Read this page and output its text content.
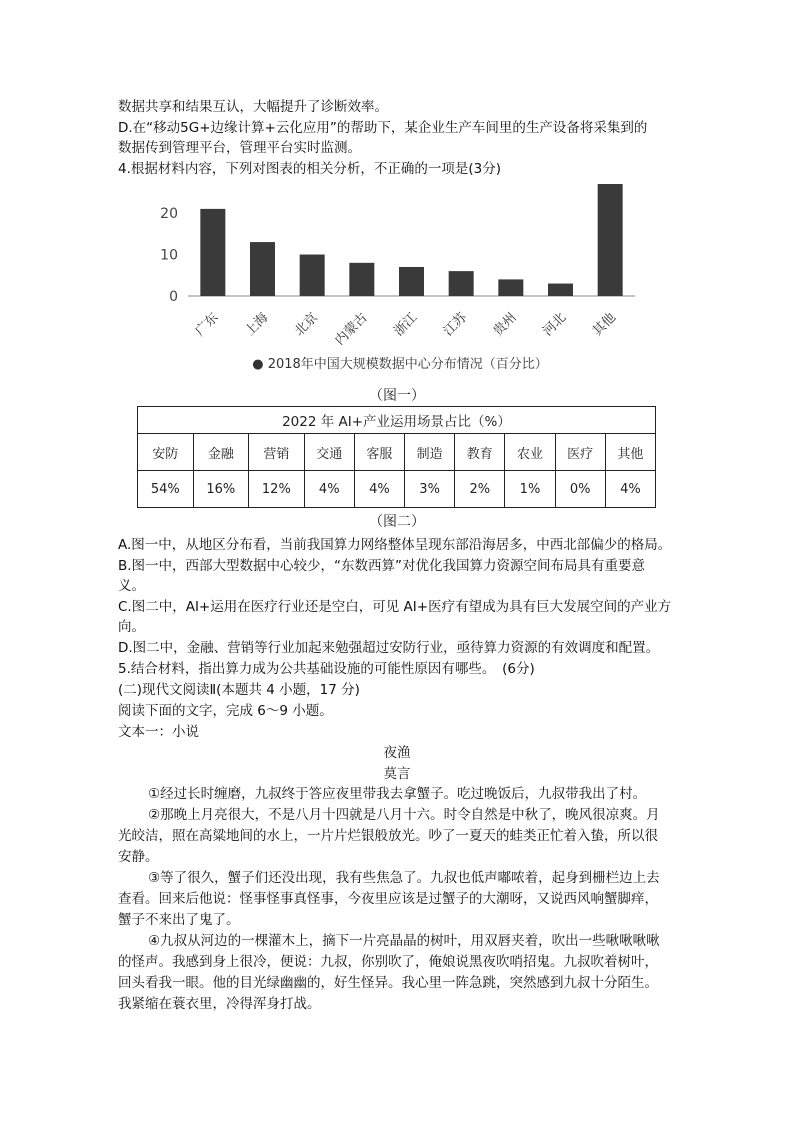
数据共享和结果互认，大幅提升了诊断效率。
D.在“移动5G+边缘计算+云化应用”的帮助下，某企业生产车间里的生产设备将采集到的
数据传到管理平台，管理平台实时监测。
4.根据材料内容，下列对图表的相关分析，不正确的一项是(3分)
0
10
20
广东 上海 北京 内蒙古 浙江 江苏 贵州 河北 其他
● 2018年中国大规模数据中心分布情况（百分比）
（图一）
2022 年 AI+产业运用场景占比（%）									
安防	金融	营销	交通	客服	制造	教育	农业	医疗	其他
54%	16%	12%	4%	4%	3%	2%	1%	0%	4%
（图二）
A.图一中，从地区分布看，当前我国算力网络整体呈现东部沿海居多，中西北部偏少的格局。
B.图一中，西部大型数据中心较少，“东数西算”对优化我国算力资源空间布局具有重要意
义。
C.图二中，AI+运用在医疗行业还是空白，可见 AI+医疗有望成为具有巨大发展空间的产业方
向。
D.图二中，金融、营销等行业加起来勉强超过安防行业，亟待算力资源的有效调度和配置。
5.结合材料，指出算力成为公共基础设施的可能性原因有哪些。　(6分)
(二)现代文阅读Ⅱ(本题共 4 小题，17 分)
阅读下面的文字，完成 6～9 小题。
文本一：小说
夜渔
莫言
①经过长时缠磨，九叔终于答应夜里带我去拿蟹子。吃过晚饭后，九叔带我出了村。
②那晚上月亮很大，不是八月十四就是八月十六。时令自然是中秋了，晚风很凉爽。月
光皎洁，照在高粱地间的水上，一片片烂银般放光。吵了一夏天的蛙类正忙着入蛰，所以很
安静。
③等了很久，蟹子们还没出现，我有些焦急了。九叔也低声嘟哝着，起身到栅栏边上去
查看。回来后他说：怪事怪事真怪事，今夜里应该是过蟹子的大潮呀，又说西风响蟹脚痒，
蟹子不来出了鬼了。
④九叔从河边的一棵灌木上，摘下一片亮晶晶的树叶，用双唇夹着，吹出一些啾啾啾啾
的怪声。我感到身上很冷，便说：九叔，你别吹了，俺娘说黑夜吹哨招鬼。九叔吹着树叶，
回头看我一眼。他的目光绿幽幽的，好生怪异。我心里一阵急跳，突然感到九叔十分陌生。
我紧缩在蓑衣里，冷得浑身打战。
